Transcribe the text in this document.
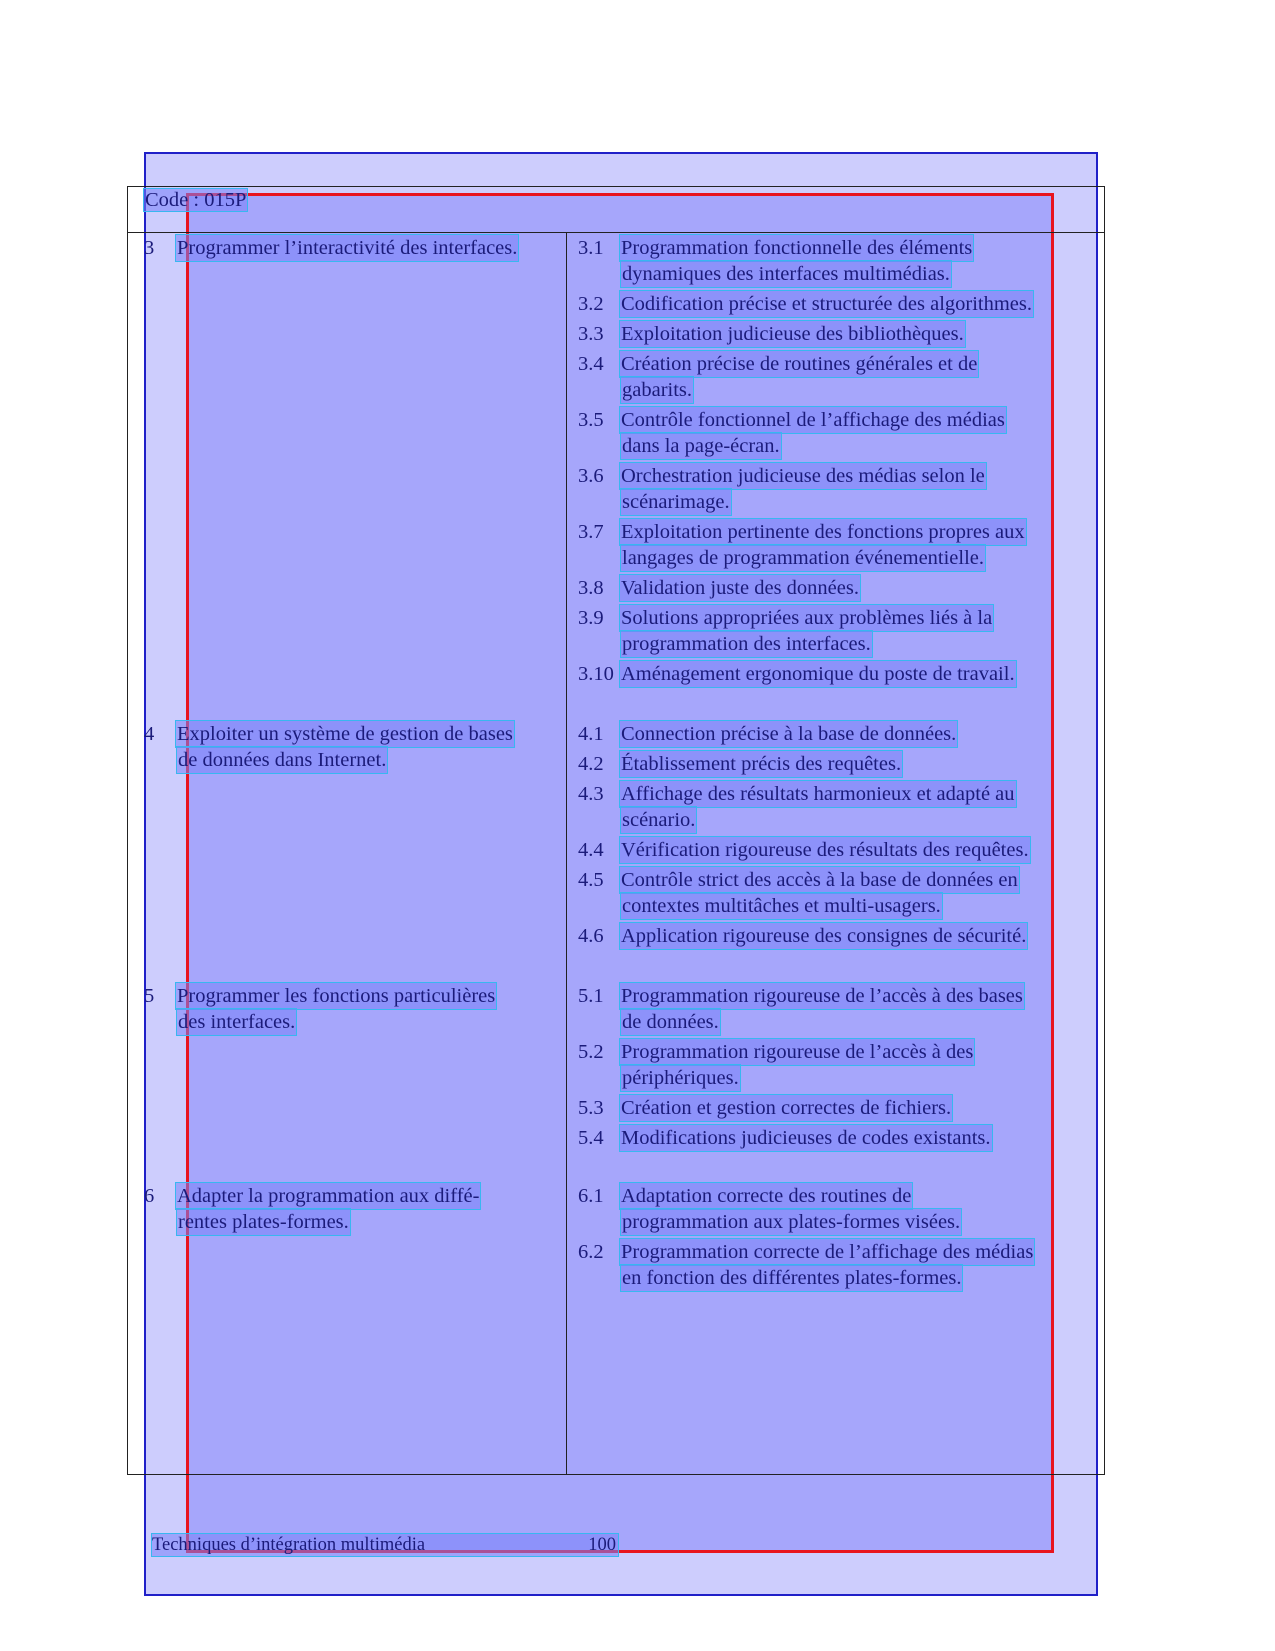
Code : 015P
3 Programmer l’interactivité des interfaces.	3.1 Programmation fonctionnelle des éléments
dynamiques des interfaces multimédias.
3.2 Codification précise et structurée des algorithmes.
3.3 Exploitation judicieuse des bibliothèques.
3.4 Création précise de routines générales et de
gabarits.
3.5 Contrôle fonctionnel de l’affichage des médias
dans la page-écran.
3.6 Orchestration judicieuse des médias selon le
scénarimage.
3.7 Exploitation pertinente des fonctions propres aux
langages de programmation événementielle.
3.8 Validation juste des données.
3.9 Solutions appropriées aux problèmes liés à la
programmation des interfaces.
3.10 Aménagement ergonomique du poste de travail.
4 Exploiter un système de gestion de bases
de données dans Internet.
4.1 Connection précise à la base de données.
4.2 Établissement précis des requêtes.
4.3 Affichage des résultats harmonieux et adapté au
scénario.
4.4 Vérification rigoureuse des résultats des requêtes.
4.5 Contrôle strict des accès à la base de données en
contextes multitâches et multi-usagers.
4.6 Application rigoureuse des consignes de sécurité.
5 Programmer les fonctions particulières
des interfaces.
5.1 Programmation rigoureuse de l’accès à des bases
de données.
5.2 Programmation rigoureuse de l’accès à des
périphériques.
5.3 Création et gestion correctes de fichiers.
5.4 Modifications judicieuses de codes existants.
6 Adapter la programmation aux diffé-
rentes plates-formes.
6.1 Adaptation correcte des routines de
programmation aux plates-formes visées.
6.2 Programmation correcte de l’affichage des médias
en fonction des différentes plates-formes.
Techniques d’intégration multimédia	100
